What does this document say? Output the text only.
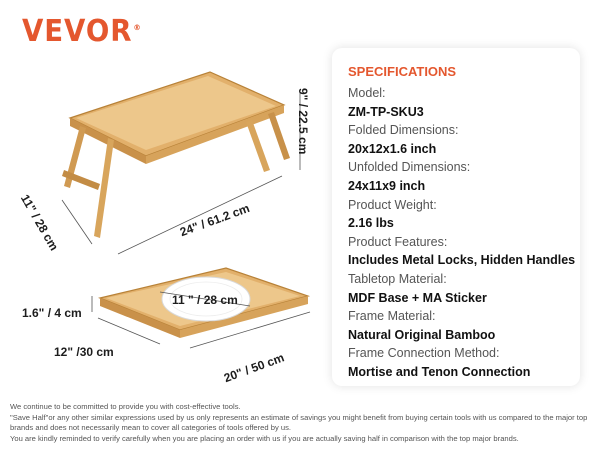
VEVOR®
9" / 22.5 cm
11" / 28 cm	24" / 61.2 cm
1.6" / 4 cm
12" /30 cm	20" / 50 cm
11 " / 28 cm
SPECIFICATIONS
Model:
ZM-TP-SKU3
Folded Dimensions:
20x12x1.6 inch
Unfolded Dimensions:
24x11x9 inch
Product Weight:
2.16 lbs
Product Features:
Includes Metal Locks, Hidden Handles
Tabletop Material:
MDF Base + MA Sticker
Frame Material:
Natural Original Bamboo
Frame Connection Method:
Mortise and Tenon Connection
We continue to be committed to provide you with cost-effective tools.
"Save Half"or any other similar expressions used by us only represents an estimate of savings you might benefit from buying certain tools with us compared to the major top brands and does not necessarily mean to cover all categories of tools offered by us.
You are kindly reminded to verify carefully when you are placing an order with us if you are actually saving half in comparison with the top major brands.
